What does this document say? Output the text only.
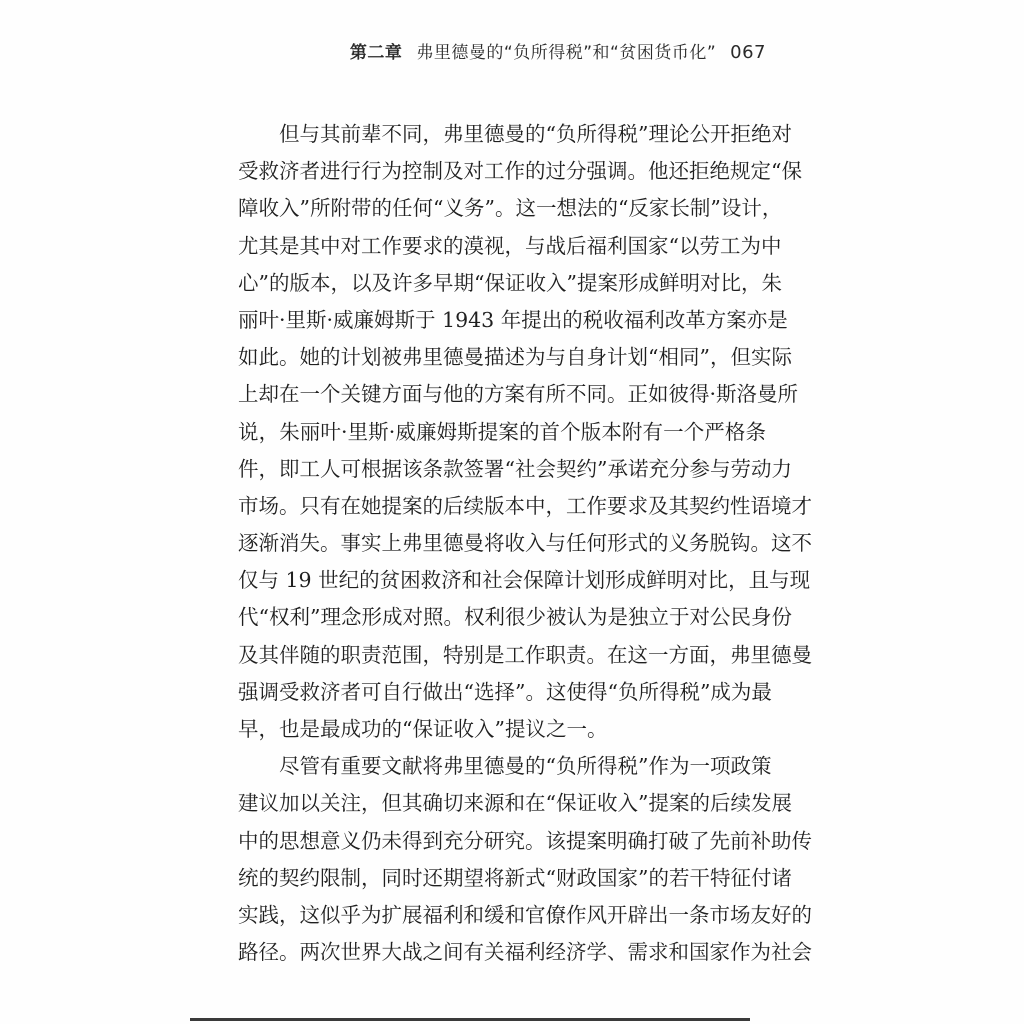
第二章 弗里德曼的“负所得税”和“贫困货币化” 067
但与其前辈不同，弗里德曼的“负所得税”理论公开拒绝对
受救济者进行行为控制及对工作的过分强调。他还拒绝规定“保
障收入”所附带的任何“义务”。这一想法的“反家长制”设计，
尤其是其中对工作要求的漠视，与战后福利国家“以劳工为中
心”的版本，以及许多早期“保证收入”提案形成鲜明对比，朱
丽叶·里斯·威廉姆斯于 1943 年提出的税收福利改革方案亦是
如此。她的计划被弗里德曼描述为与自身计划“相同”，但实际
上却在一个关键方面与他的方案有所不同。正如彼得·斯洛曼所
说，朱丽叶·里斯·威廉姆斯提案的首个版本附有一个严格条
件，即工人可根据该条款签署“社会契约”承诺充分参与劳动力
市场。只有在她提案的后续版本中，工作要求及其契约性语境才
逐渐消失。事实上弗里德曼将收入与任何形式的义务脱钩。这不
仅与 19 世纪的贫困救济和社会保障计划形成鲜明对比，且与现
代“权利”理念形成对照。权利很少被认为是独立于对公民身份
及其伴随的职责范围，特别是工作职责。在这一方面，弗里德曼
强调受救济者可自行做出“选择”。这使得“负所得税”成为最
早，也是最成功的“保证收入”提议之一。
尽管有重要文献将弗里德曼的“负所得税”作为一项政策
建议加以关注，但其确切来源和在“保证收入”提案的后续发展
中的思想意义仍未得到充分研究。该提案明确打破了先前补助传
统的契约限制，同时还期望将新式“财政国家”的若干特征付诸
实践，这似乎为扩展福利和缓和官僚作风开辟出一条市场友好的
路径。两次世界大战之间有关福利经济学、需求和国家作为社会
